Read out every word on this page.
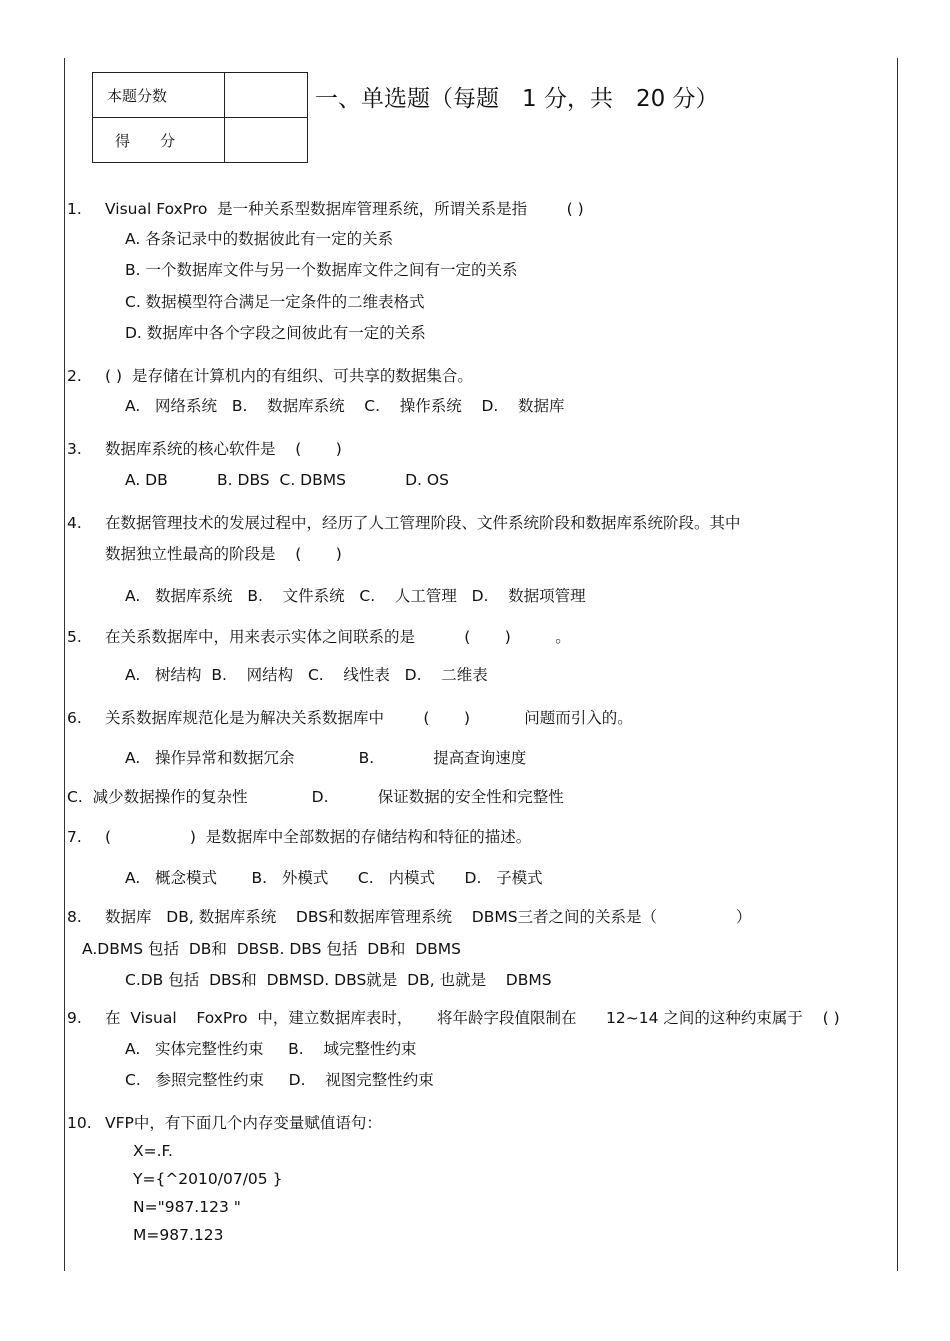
本题分数	
得　　分	
一、单选题（每题　1 分，共　20 分）
1. Visual FoxPro  是一种关系型数据库管理系统，所谓关系是指        ( )
A. 各条记录中的数据彼此有一定的关系
B. 一个数据库文件与另一个数据库文件之间有一定的关系
C. 数据模型符合满足一定条件的二维表格式
D. 数据库中各个字段之间彼此有一定的关系
2. ( )  是存储在计算机内的有组织、可共享的数据集合。
A.   网络系统   B.    数据库系统    C.    操作系统    D.    数据库
3. 数据库系统的核心软件是    (       )
A. DB          B. DBS  C. DBMS            D. OS
4. 在数据管理技术的发展过程中，经历了人工管理阶段、文件系统阶段和数据库系统阶段。其中
数据独立性最高的阶段是    (       )
A.   数据库系统   B.    文件系统   C.    人工管理   D.    数据项管理
5. 在关系数据库中，用来表示实体之间联系的是          (       )         。
A.   树结构  B.    网结构   C.    线性表   D.    二维表
6. 关系数据库规范化是为解决关系数据库中        (       )           问题而引入的。
A.   操作异常和数据冗余             B.            提高查询速度
C.  减少数据操作的复杂性             D.          保证数据的安全性和完整性
7. (                )  是数据库中全部数据的存储结构和特征的描述。
A.   概念模式       B.   外模式      C.   内模式      D.   子模式
8. 数据库   DB, 数据库系统    DBS和数据库管理系统    DBMS三者之间的关系是（                ）
A.DBMS 包括  DB和  DBSB. DBS 包括  DB和  DBMS
C.DB 包括  DBS和  DBMSD. DBS就是  DB, 也就是    DBMS
9. 在  Visual    FoxPro  中，建立数据库表时，     将年龄字段值限制在      12~14 之间的这种约束属于    ( )
A.   实体完整性约束     B.    域完整性约束
C.   参照完整性约束     D.    视图完整性约束
10. VFP中，有下面几个内存变量赋值语句：
X=.F.
Y={^2010/07/05 }
N="987.123 "
M=987.123
